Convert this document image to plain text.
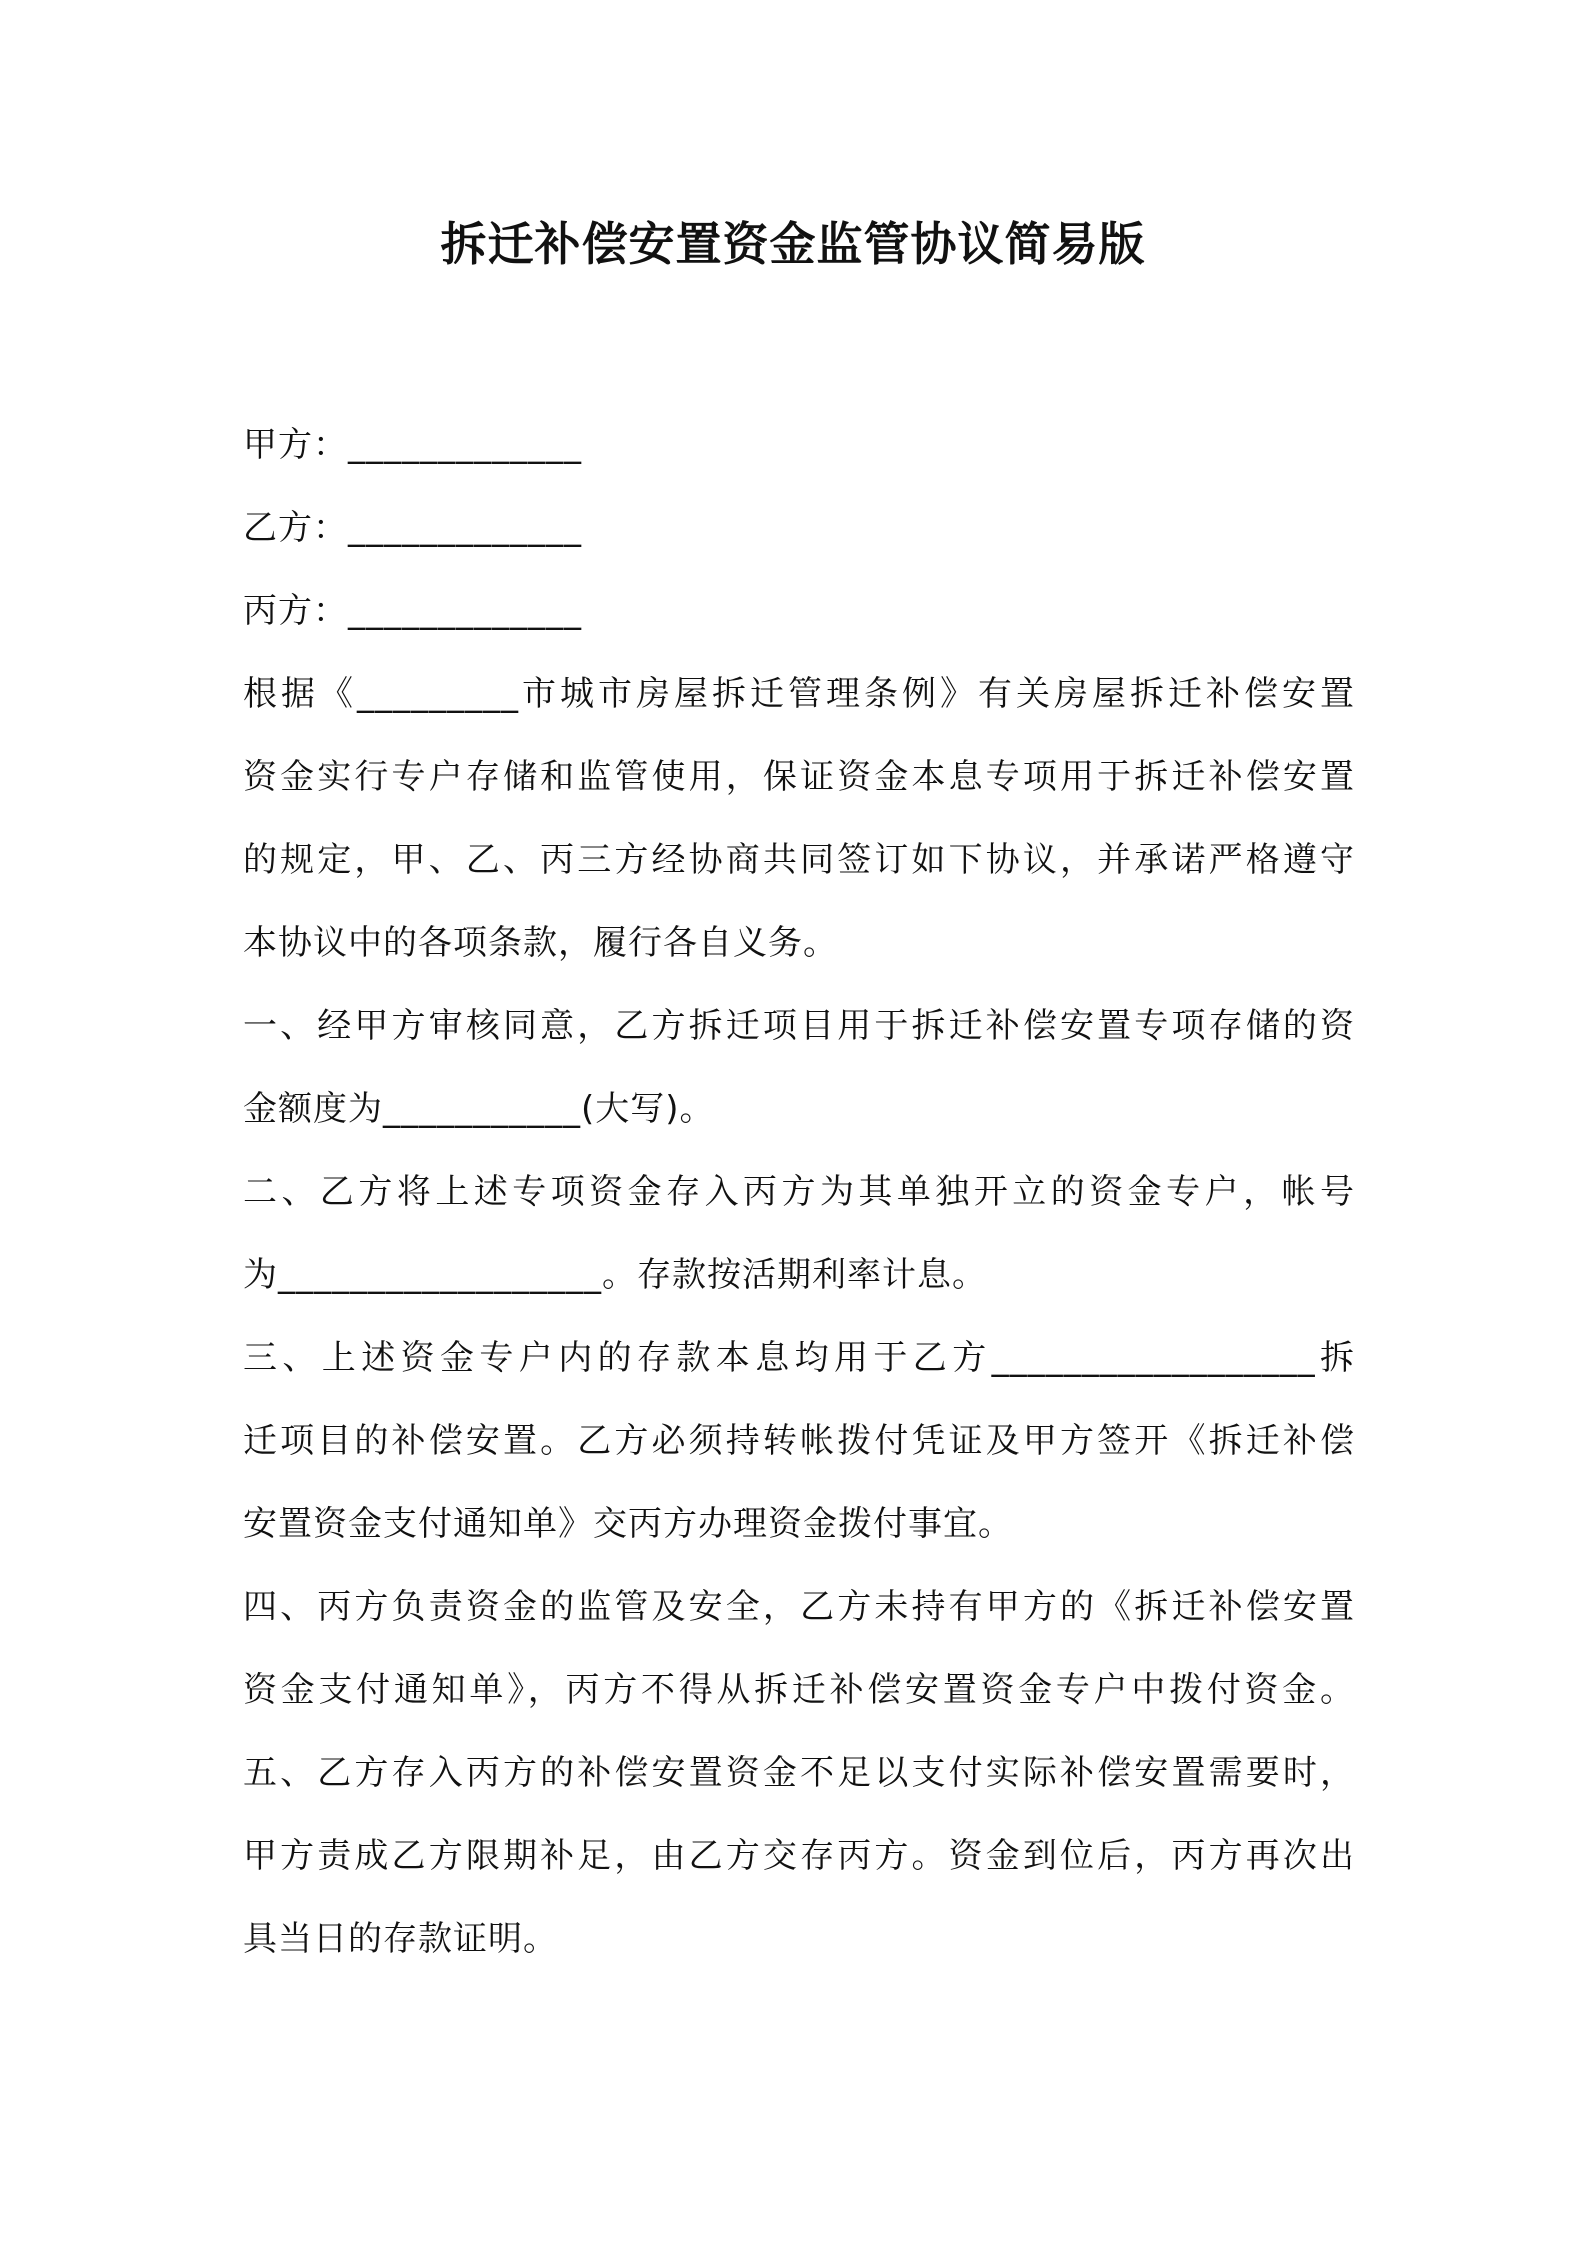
拆迁补偿安置资金监管协议简易版
甲方：_____________
乙方：_____________
丙方：_____________
根据《_________市城市房屋拆迁管理条例》有关房屋拆迁补偿安置
资金实行专户存储和监管使用，保证资金本息专项用于拆迁补偿安置
的规定，甲、乙、丙三方经协商共同签订如下协议，并承诺严格遵守
本协议中的各项条款，履行各自义务。
一、经甲方审核同意，乙方拆迁项目用于拆迁补偿安置专项存储的资
金额度为___________(大写)。
二、乙方将上述专项资金存入丙方为其单独开立的资金专户，帐号
为__________________。存款按活期利率计息。
三、上述资金专户内的存款本息均用于乙方__________________拆
迁项目的补偿安置。乙方必须持转帐拨付凭证及甲方签开《拆迁补偿
安置资金支付通知单》交丙方办理资金拨付事宜。
四、丙方负责资金的监管及安全，乙方未持有甲方的《拆迁补偿安置
资金支付通知单》，丙方不得从拆迁补偿安置资金专户中拨付资金。
五、乙方存入丙方的补偿安置资金不足以支付实际补偿安置需要时，
甲方责成乙方限期补足，由乙方交存丙方。资金到位后，丙方再次出
具当日的存款证明。
